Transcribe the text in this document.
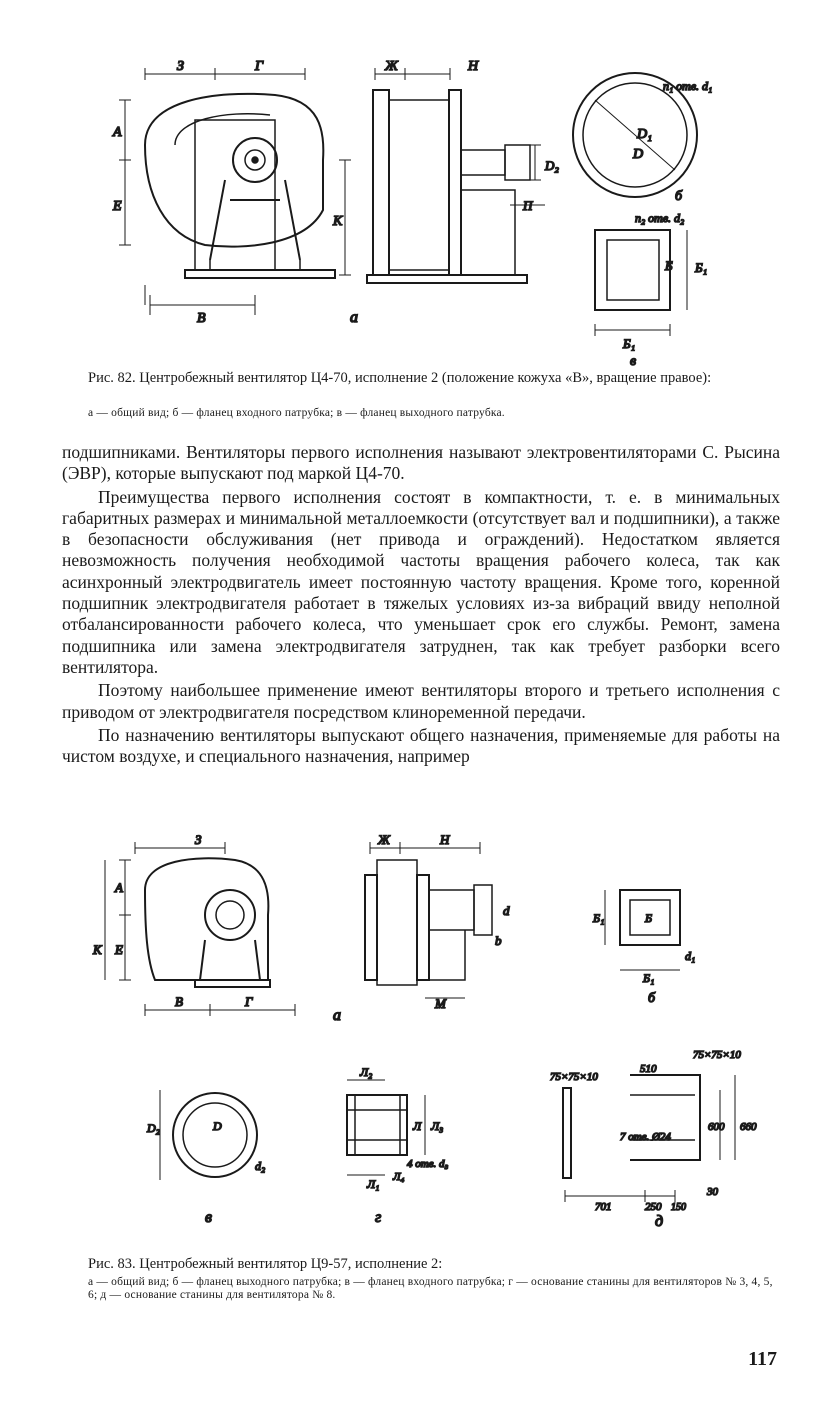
З	Г
А
Е
К
В
Ж	Н
D₂
П
n₁ отв. d₁
D₁
D
б
n₂ отв. d₂
Б Б₁
Б₁
в
а
Рис. 82. Центробежный вентилятор Ц4-70, исполнение 2 (положение кожуха «В», вращение правое):
а — общий вид; б — фланец входного патрубка; в — фланец выходного патрубка.

подшипниками. Вентиляторы первого исполнения называют электровентиляторами С. Рысина (ЭВР), которые выпускают под маркой Ц4-70.

Преимущества первого исполнения состоят в компактности, т. е. в минимальных габаритных размерах и минимальной металлоемкости (отсутствует вал и подшипники), а также в безопасности обслуживания (нет привода и ограждений). Недостатком является невозможность получения необходимой частоты вращения рабочего колеса, так как асинхронный электродвигатель имеет постоянную частоту вращения. Кроме того, коренной подшипник электродвигателя работает в тяжелых условиях из-за вибраций ввиду неполной отбалансированности рабочего колеса, что уменьшает срок его службы. Ремонт, замена подшипника или замена электродвигателя затруднен, так как требует разборки всего вентилятора.

Поэтому наибольшее применение имеют вентиляторы второго и третьего исполнения с приводом от электродвигателя посредством клиноременной передачи.

По назначению вентиляторы выпускают общего назначения, применяемые для работы на чистом воздухе, и специального назначения, например

З
А
Е
К
В	Г
а
Ж	Н
М
d
b
Б₁	Б
Б₁
d₁
б
D₂	D
d₂
в
Л₂
Л Л₃
Л₁ Л₄
4 отв. d₃
г
75×75×10
75×75×10
510
600 660
7 отв. Ø24
701	250 150
30
д
Рис. 83. Центробежный вентилятор Ц9-57, исполнение 2:
а — общий вид; б — фланец выходного патрубка; в — фланец входного патрубка; г — основание станины для вентиляторов № 3, 4, 5, 6; д — основание станины для вентилятора № 8.
117
